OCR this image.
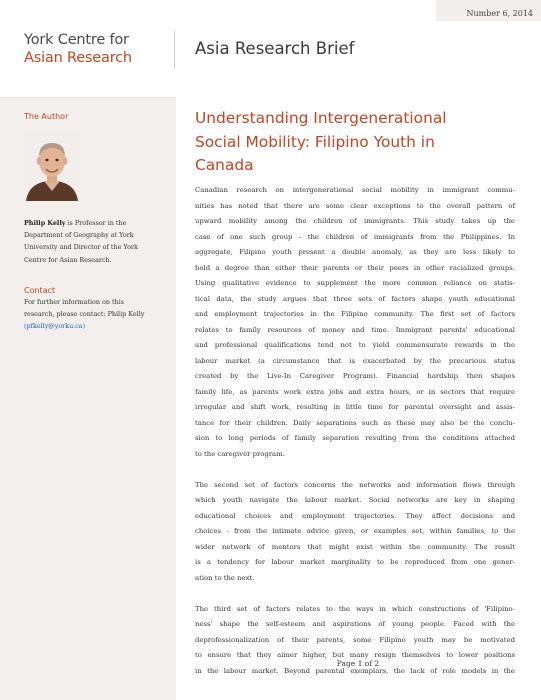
Number 6, 2014
York Centre for
Asian Research	Asia Research Brief
The Author
Philip Kelly is Professor in the
Department of Geography at York
University and Director of the York
Centre for Asian Research.
Contact
For further information on this
research, please contact: Philip Kelly
(pfkelly@yorku.ca)
Understanding Intergenerational
Social Mobility: Filipino Youth in
Canada
Canadian research on intergenerational social mobility in immigrant commu-
nities has noted that there are some clear exceptions to the overall pattern of
upward mobility among the children of immigrants. This study takes up the
case of one such group - the children of immigrants from the Philippines. In
aggregate, Filipino youth present a double anomaly, as they are less likely to
hold a degree than either their parents or their peers in other racialized groups.
Using qualitative evidence to supplement the more common reliance on statis-
tical data, the study argues that three sets of factors shape youth educational
and employment trajectories in the Filipino community. The first set of factors
relates to family resources of money and time. Immigrant parents' educational
and professional qualifications tend not to yield commensurate rewards in the
labour market (a circumstance that is exacerbated by the precarious status
created by the Live-In Caregiver Program). Financial hardship then shapes
family life, as parents work extra jobs and extra hours, or in sectors that require
irregular and shift work, resulting in little time for parental oversight and assis-
tance for their children. Daily separations such as these may also be the conclu-
sion to long periods of family separation resulting from the conditions attached
to the caregiver program.
The second set of factors concerns the networks and information flows through
which youth navigate the labour market. Social networks are key in shaping
educational choices and employment trajectories. They affect decisions and
choices - from the intimate advice given, or examples set, within families, to the
wider network of mentors that might exist within the community. The result
is a tendency for labour market marginality to be reproduced from one gener-
ation to the next.
The third set of factors relates to the ways in which constructions of 'Filipino-
ness' shape the self-esteem and aspirations of young people. Faced with the
deprofessionalization of their parents, some Filipino youth may be motivated
to ensure that they aimer higher, but many resign themselves to lower positions
in the labour market. Beyond parental exemplars, the lack of role models in the
Page 1 of 2
